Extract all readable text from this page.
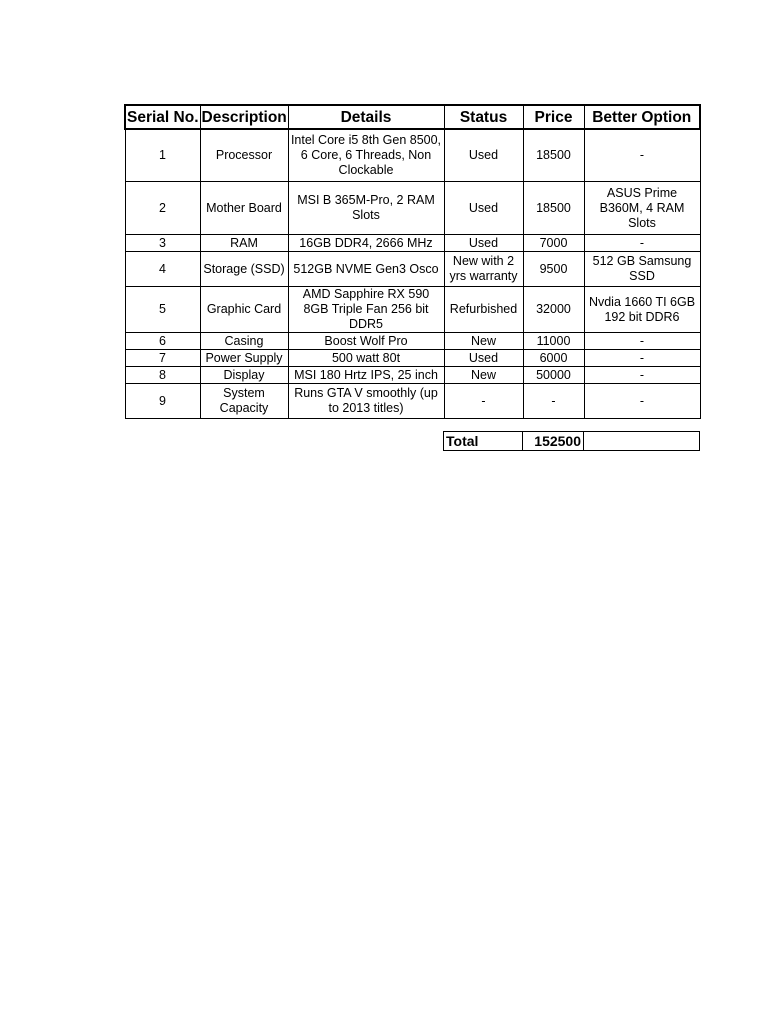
Serial No.	Description	Details	Status	Price	Better Option
1	Processor	Intel Core i5 8th Gen 8500, 6 Core, 6 Threads, Non Clockable	Used	18500	-
2	Mother Board	MSI B 365M-Pro, 2 RAM Slots	Used	18500	ASUS Prime B360M, 4 RAM Slots
3	RAM	16GB DDR4, 2666 MHz	Used	7000	-
4	Storage (SSD)	512GB NVME Gen3 Osco	New with 2 yrs warranty	9500	512 GB Samsung SSD
5	Graphic Card	AMD Sapphire RX 590 8GB Triple Fan 256 bit DDR5	Refurbished	32000	Nvdia 1660 TI 6GB 192 bit DDR6
6	Casing	Boost Wolf Pro	New	11000	-
7	Power Supply	500 watt 80t	Used	6000	-
8	Display	MSI 180 Hrtz IPS, 25 inch	New	50000	-
9	System Capacity	Runs GTA V smoothly (up to 2013 titles)	-	-	-
Total	152500	
